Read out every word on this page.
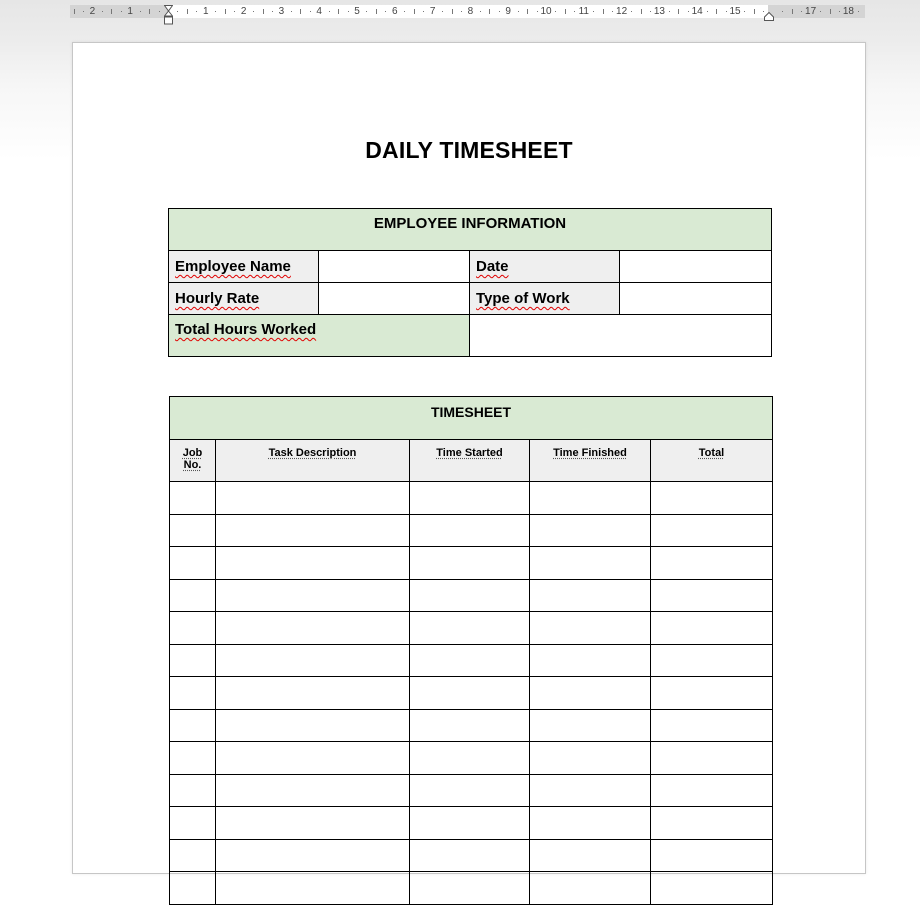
2	1	1	2	3	4	5	6	7	8	9	10	11	12	13	14	15	17	18
DAILY TIMESHEET
EMPLOYEE INFORMATION			
Employee Name		Date	
Hourly Rate		Type of Work	
Total Hours Worked			
TIMESHEET				
Job No.	Task Description	Time Started	Time Finished	Total
